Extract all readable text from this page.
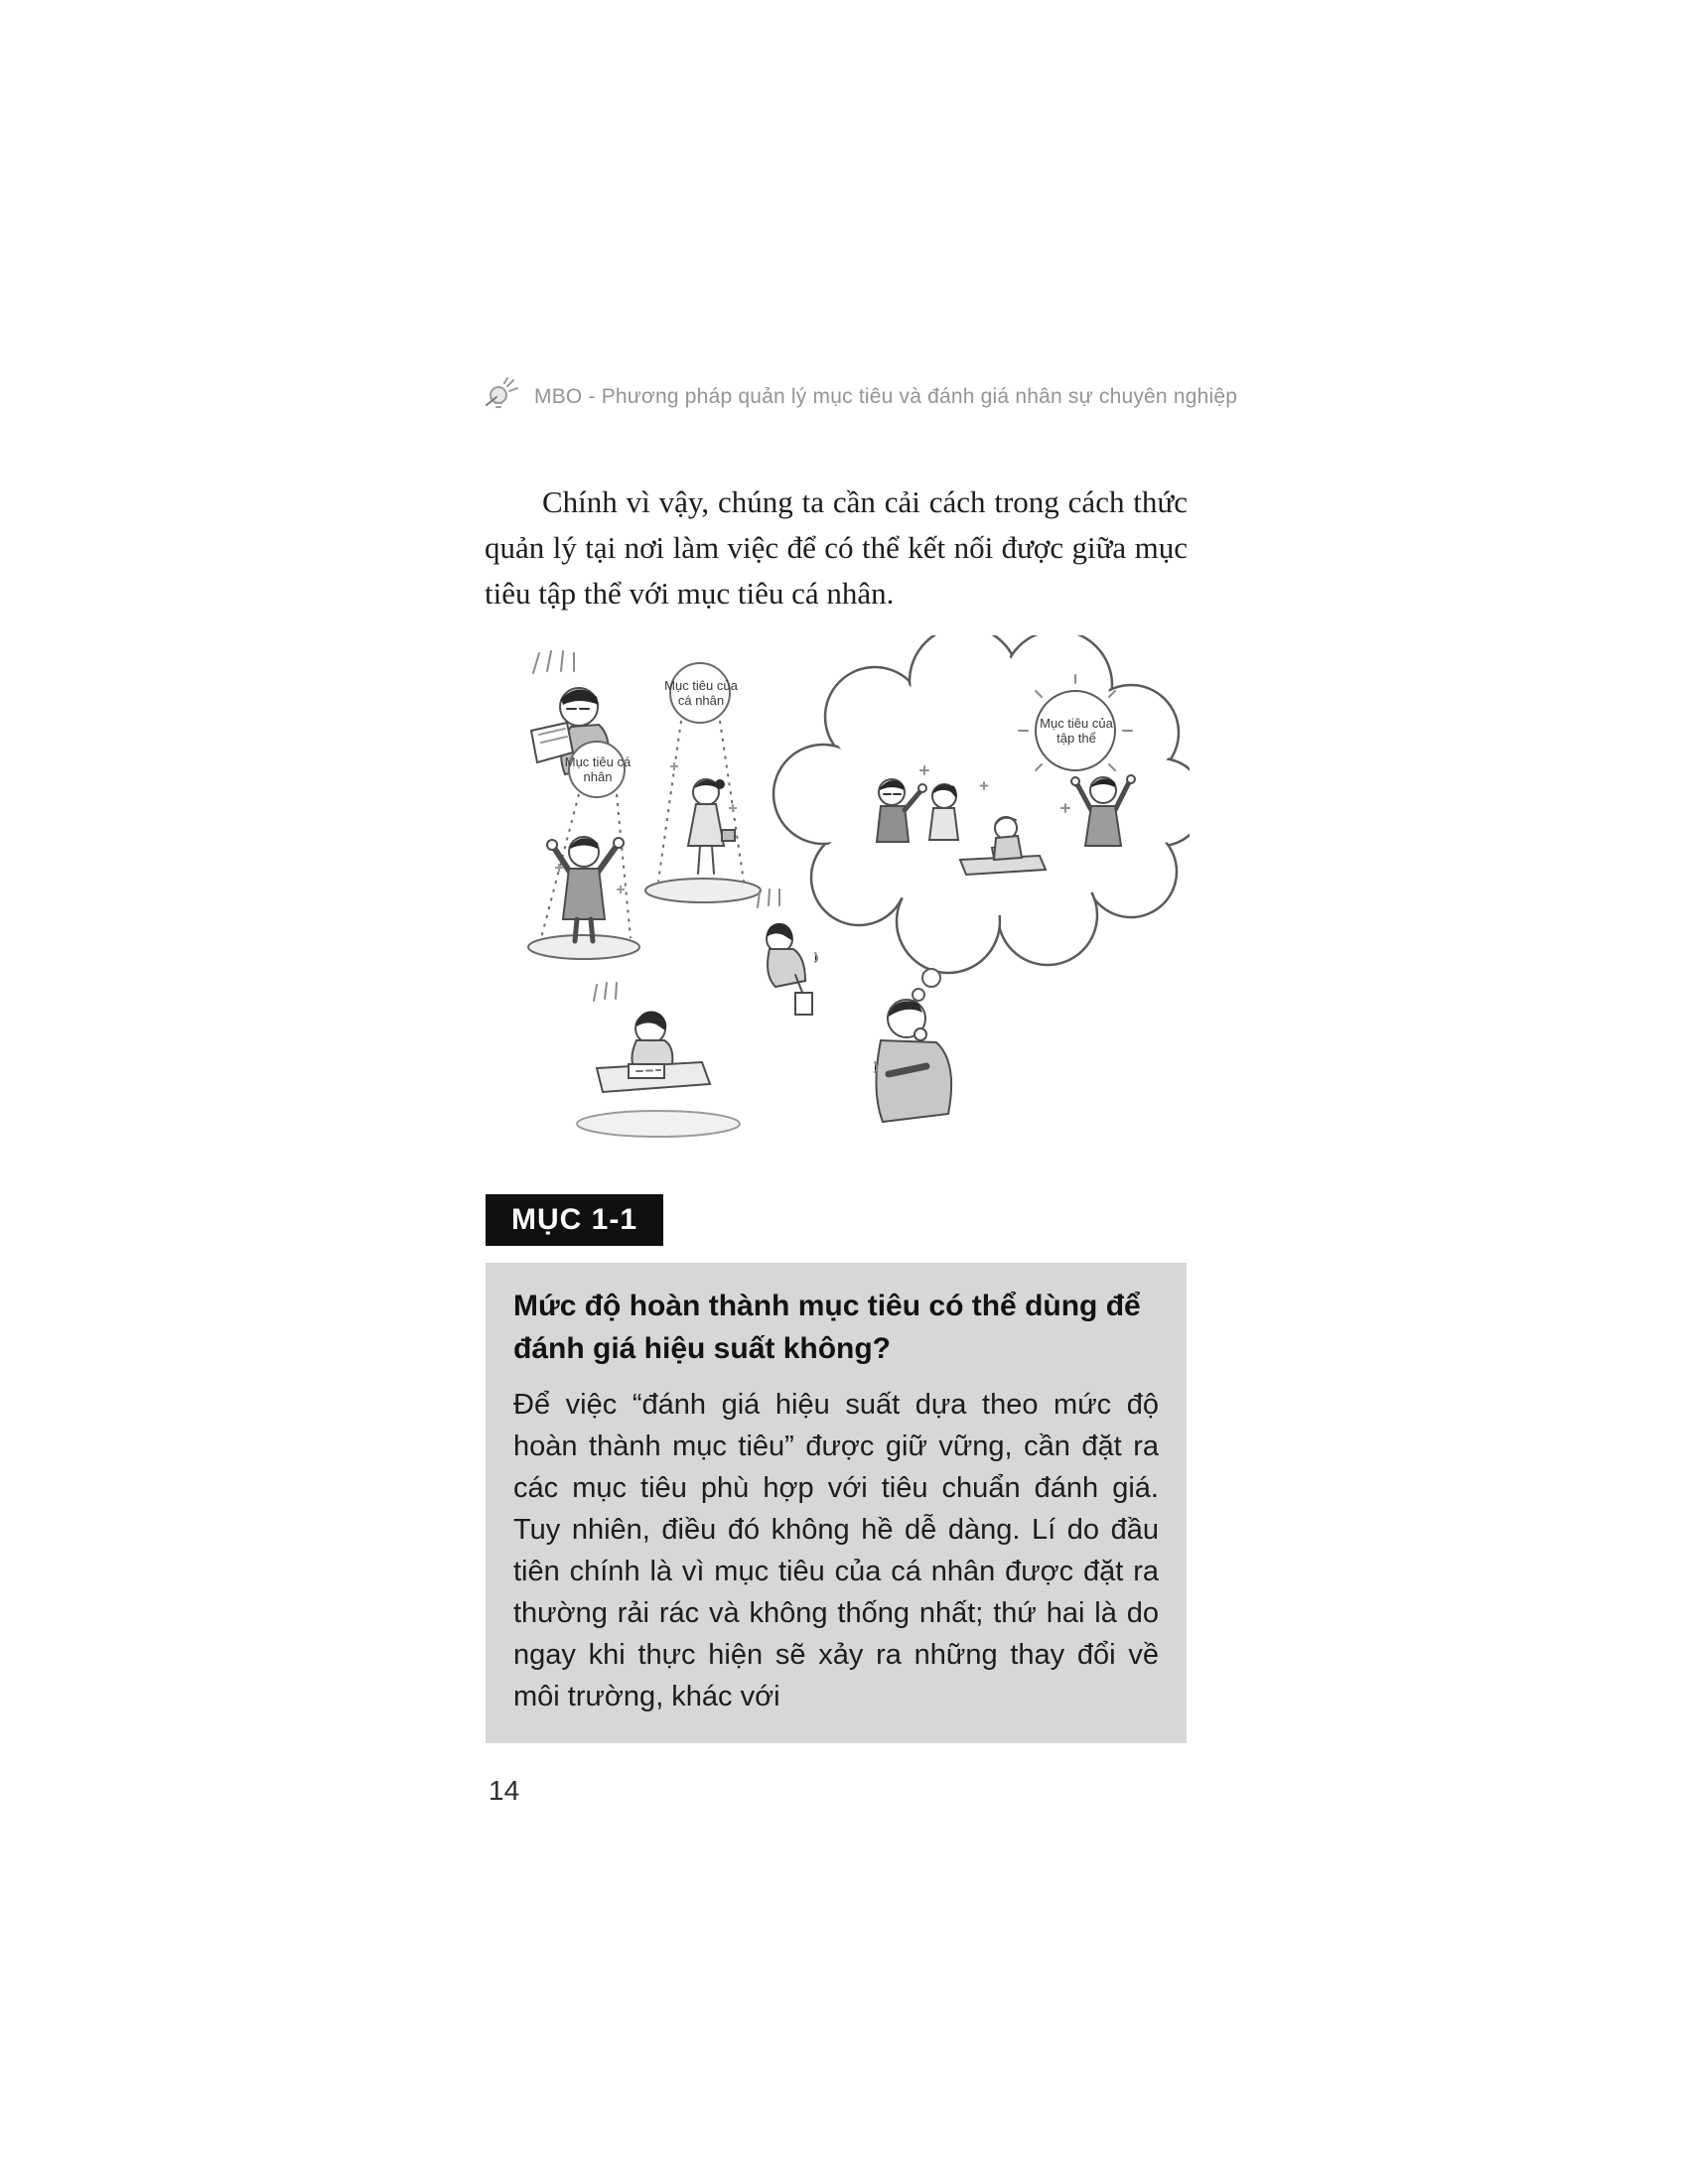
MBO - Phương pháp quản lý mục tiêu và đánh giá nhân sự chuyên nghiệp

Chính vì vậy, chúng ta cần cải cách trong cách thức quản lý tại nơi làm việc để có thể kết nối được giữa mục tiêu tập thể với mục tiêu cá nhân.

Mục tiêu của cá nhân
Mục tiêu cá nhân
Mục tiêu của tập thể
MỤC 1-1
Mức độ hoàn thành mục tiêu có thể dùng để đánh giá hiệu suất không?

Để việc “đánh giá hiệu suất dựa theo mức độ hoàn thành mục tiêu” được giữ vững, cần đặt ra các mục tiêu phù hợp với tiêu chuẩn đánh giá. Tuy nhiên, điều đó không hề dễ dàng. Lí do đầu tiên chính là vì mục tiêu của cá nhân được đặt ra thường rải rác và không thống nhất; thứ hai là do ngay khi thực hiện sẽ xảy ra những thay đổi về môi trường, khác với

14
